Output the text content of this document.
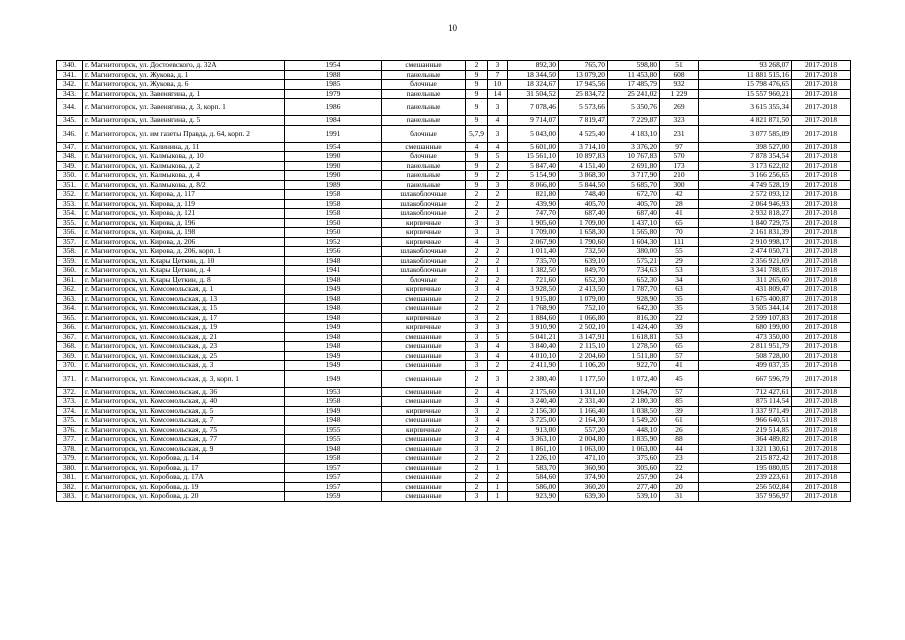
10
340.	г. Магнитогорск, ул. Достоевского, д. 32А	1954	смешанные	2	3	892,30	765,70	598,80	51	93 268,07	2017-2018
341.	г. Магнитогорск, ул. Жукова, д. 1	1988	панельные	9	7	18 344,50	13 079,20	11 453,80	608	11 881 515,16	2017-2018
342.	г. Магнитогорск, ул. Жукова, д. 6	1985	блочные	9	10	18 324,67	17 945,56	17 485,79	932	15 798 476,65	2017-2018
343.	г. Магнитогорск, ул. Завенягина, д. 1	1979	панельные	9	14	31 504,52	25 834,72	25 241,02	1 229	15 557 960,21	2017-2018
344.	г. Магнитогорск, ул. Завенягина, д. 3, корп. 1	1986	панельные	9	3	7 078,46	5 573,66	5 350,76	269	3 615 355,34	2017-2018
345.	г. Магнитогорск, ул. Завенягина, д. 5	1984	панельные	9	4	9 714,07	7 819,47	7 229,87	323	4 821 871,50	2017-2018
346.	г. Магнитогорск, ул. им газеты Правда, д. 64, корп. 2	1991	блочные	5,7,9	3	5 043,00	4 525,40	4 183,10	231	3 077 585,09	2017-2018
347.	г. Магнитогорск, ул. Калинина, д. 11	1954	смешанные	4	4	5 601,00	3 714,10	3 376,20	97	398 527,00	2017-2018
348.	г. Магнитогорск, ул. Калмыкова, д. 10	1990	блочные	9	5	15 561,10	10 897,83	10 767,83	570	7 878 354,54	2017-2018
349.	г. Магнитогорск, ул. Калмыкова, д. 2	1990	панельные	9	2	5 847,40	4 151,40	2 691,80	173	3 173 622,02	2017-2018
350.	г. Магнитогорск, ул. Калмыкова, д. 4	1990	панельные	9	2	5 154,90	3 868,30	3 717,90	210	3 166 256,65	2017-2018
351.	г. Магнитогорск, ул. Калмыкова, д. 8/2	1989	панельные	9	3	8 066,80	5 844,50	5 685,70	300	4 749 528,19	2017-2018
352.	г. Магнитогорск, ул. Кирова, д. 117	1958	шлакоблочные	2	2	821,80	748,40	672,70	42	2 572 093,12	2017-2018
353.	г. Магнитогорск, ул. Кирова, д. 119	1958	шлакоблочные	2	2	439,90	405,70	405,70	28	2 064 946,93	2017-2018
354.	г. Магнитогорск, ул. Кирова, д. 121	1958	шлакоблочные	2	2	747,70	687,40	687,40	41	2 932 818,27	2017-2018
355.	г. Магнитогорск, ул. Кирова, д. 196	1950	кирпичные	3	3	1 905,60	1 709,00	1 437,10	65	1 840 729,75	2017-2018
356.	г. Магнитогорск, ул. Кирова, д. 198	1950	кирпичные	3	3	1 709,00	1 658,30	1 565,80	70	2 161 831,39	2017-2018
357.	г. Магнитогорск, ул. Кирова, д. 206	1952	кирпичные	4	3	2 067,90	1 790,60	1 604,30	111	2 910 998,17	2017-2018
358.	г. Магнитогорск, ул. Кирова, д. 206, корп. 1	1956	шлакоблочные	2	2	1 011,40	732,50	380,00	55	2 474 050,71	2017-2018
359.	г. Магнитогорск, ул. Клары Цеткин, д. 10	1948	шлакоблочные	2	2	735,70	639,10	575,21	29	2 356 921,69	2017-2018
360.	г. Магнитогорск, ул. Клары Цеткин, д. 4	1941	шлакоблочные	2	1	1 382,50	849,70	734,63	53	3 341 788,05	2017-2018
361.	г. Магнитогорск, ул. Клары Цеткин, д. 8	1948	блочные	2	2	721,60	652,30	652,30	34	311 265,60	2017-2018
362.	г. Магнитогорск, ул. Комсомольская, д. 1	1949	кирпичные	3	4	3 928,50	2 413,50	1 787,70	63	431 809,47	2017-2018
363.	г. Магнитогорск, ул. Комсомольская, д. 13	1948	смешанные	2	2	1 915,80	1 079,00	928,90	35	1 675 400,87	2017-2018
364.	г. Магнитогорск, ул. Комсомольская, д. 15	1948	смешанные	2	2	1 768,90	752,10	642,30	35	3 505 344,14	2017-2018
365.	г. Магнитогорск, ул. Комсомольская, д. 17	1948	кирпичные	3	2	1 884,60	1 066,80	816,30	22	2 599 107,83	2017-2018
366.	г. Магнитогорск, ул. Комсомольская, д. 19	1949	кирпичные	3	3	3 910,90	2 502,10	1 424,40	39	680 199,00	2017-2018
367.	г. Магнитогорск, ул. Комсомольская, д. 21	1948	смешанные	3	5	5 041,21	3 147,91	1 618,81	53	473 350,00	2017-2018
368.	г. Магнитогорск, ул. Комсомольская, д. 23	1948	смешанные	3	4	3 840,40	2 115,10	1 278,50	65	2 811 951,79	2017-2018
369.	г. Магнитогорск, ул. Комсомольская, д. 25	1949	смешанные	3	4	4 010,10	2 204,60	1 511,80	57	508 728,00	2017-2018
370.	г. Магнитогорск, ул. Комсомольская, д. 3	1949	смешанные	3	2	2 411,90	1 106,20	922,70	41	499 037,35	2017-2018
371.	г. Магнитогорск, ул. Комсомольская, д. 3, корп. 1	1949	смешанные	2	3	2 380,40	1 177,50	1 072,40	45	667 596,79	2017-2018
372.	г. Магнитогорск, ул. Комсомольская, д. 36	1953	смешанные	2	4	2 175,60	1 311,10	1 264,70	57	712 427,61	2017-2018
373.	г. Магнитогорск, ул. Комсомольская, д. 40	1958	смешанные	3	4	3 240,40	2 331,40	2 180,30	85	875 114,54	2017-2018
374.	г. Магнитогорск, ул. Комсомольская, д. 5	1949	кирпичные	3	2	2 156,30	1 166,40	1 038,50	39	1 337 971,49	2017-2018
375.	г. Магнитогорск, ул. Комсомольская, д. 7	1948	смешанные	3	4	3 725,00	2 164,30	1 549,20	61	966 640,51	2017-2018
376.	г. Магнитогорск, ул. Комсомольская, д. 75	1955	кирпичные	2	2	913,00	557,20	448,10	26	219 514,85	2017-2018
377.	г. Магнитогорск, ул. Комсомольская, д. 77	1955	смешанные	3	4	3 363,10	2 004,80	1 835,90	88	364 489,82	2017-2018
378.	г. Магнитогорск, ул. Комсомольская, д. 9	1948	смешанные	3	2	1 861,10	1 063,00	1 063,00	44	1 321 130,61	2017-2018
379.	г. Магнитогорск, ул. Коробова, д. 14	1958	смешанные	2	2	1 226,10	471,10	375,60	23	215 872,42	2017-2018
380.	г. Магнитогорск, ул. Коробова, д. 17	1957	смешанные	2	1	583,70	360,90	305,60	22	195 080,05	2017-2018
381.	г. Магнитогорск, ул. Коробова, д. 17А	1957	смешанные	2	2	584,60	374,90	257,90	24	239 223,61	2017-2018
382.	г. Магнитогорск, ул. Коробова, д. 19	1957	смешанные	2	1	586,00	360,20	277,40	20	256 502,84	2017-2018
383.	г. Магнитогорск, ул. Коробова, д. 20	1959	смешанные	3	1	923,90	639,30	539,10	31	357 956,97	2017-2018
